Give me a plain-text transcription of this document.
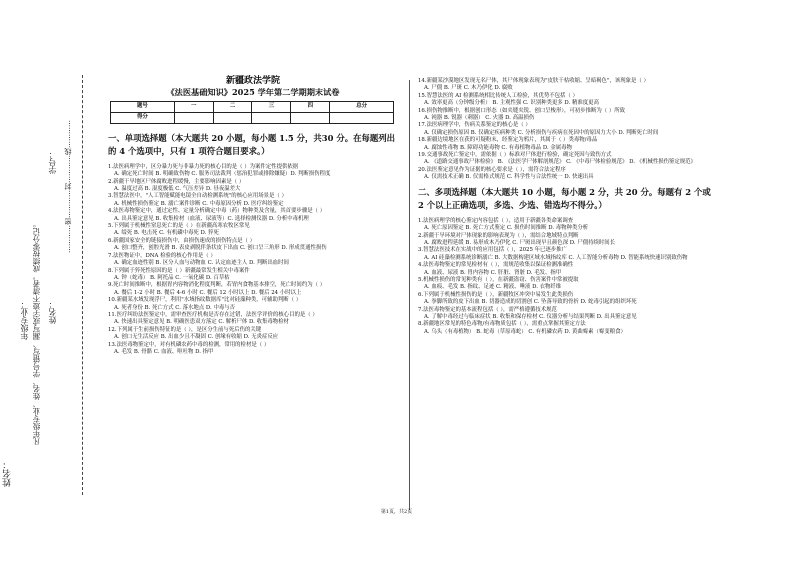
姓名：
年级专业： 凡年级专业、姓名、学号错写、漏写或字迹不清者，成绩按零分记。 姓名：
学号： …………密…………封…………线…………
新疆政法学院
《法医基础知识》2025 学年第二学期期末试卷
题号	一	二	三	四	总分
得分					
一、单项选择题（本大题共 20 小题，每小题 1.5 分，共30 分。在每题列出的 4 个选项中，只有 1 项符合题目要求。）
1.法医病理学中，区分暴力死与非暴力死的核心目的是（ ）为案件定性提供依据
A. 确定死亡时间 B. 明确致伤物 C. 服务司法裁判（惩治犯罪或排除嫌疑）D. 判断损伤程度
2.新疆干旱地区尸体腐败进程缓慢，主要影响因素是（ ）
A. 温度过高 B. 湿度极低 C. 气压差异 D. 昼夜温差大
3.智慧法医中，"人工智能赋能电镜全自动检测系统"的核心应用场景是（ ）
A. 机械性损伤鉴定 B. 溺亡案件诊断 C. 中毒原因分析 D. 医疗纠纷鉴定
4.法医毒物鉴定中，通过定性、定量分析确定中毒（药）物种类及含量，其首要步骤是（ ）
A. 出具鉴定意见 B. 收集检材（血液、尿液等）C. 选择检测仪器 D. 分析中毒机理
5.下列属于机械性窒息死亡的是（ ）在新疆高寒农牧区常见
A. 缢死 B. 电击死 C. 有机磷中毒死 D. 猝死
6.新疆国家安全的链接损伤中，由损伤速成的损伤特点是（ ）
A. 创口整齐，创腔光滑 B. 表皮剥脱伴条状皮下出血 C. 创口呈三角形 D. 形成贯通性损伤
7.法医物证中，DNA 检验的核心作用是（ ）
A. 确定血迹性别 B. 区分人血与动物血 C. 认定血迹主人 D. 判断出血时间
8.下列属于猝死性原因的是（ ）新疆最常发生相关中毒案件
A. 钟（蛇毒） B. 阿托品 C. 一氧化碳 D. 百草枯
9.死亡时间推断中，根据胃内容物消化程度判断，若胃内食物基本排空，死亡时间约为（ ）
A. 餐后 1-2 小时 B. 餐后 4-6 小时 C. 餐后 12 小时以上 D. 餐后 24 小时以上
10.新疆某水域发现浮尸，利用"水域指纹数据库"比对硅藻种类，可辅助判断（ ）
A. 死者身份 B. 死亡方式 C. 落水地点 D. 中毒与否
11.医疗纠纷法医鉴定中，需审查医疗机构是否存在过错，法医学评价的核心目的是（ ）
A. 快速出具鉴定意见 B. 明确医患双方落定 C. 解析尸体 D. 收集毒物检材
12.下列属于生前损伤特征的是（ ），是区分生前与死后伤的关键
A. 创口无生活反应 B. 出血少且不凝固 C. 创缘有收缩 D. 无炎症反应
13.法医毒物鉴定中，对有机磷农药中毒的检测，常用的检材是（ ）
A. 毛发 B. 骨骼 C. 血液、呕吐物 D. 指甲
14.新疆某沙漠地区发现无名尸体，其尸体现象表现为"皮肤干枯收缩、呈暗褐色"，该现象是（ ）
A. 尸僵 B. 尸斑 C. 木乃伊化 D. 腐败
15.智慧法医的 AI 检测系统相比传统人工检验，其优势不包括（ ）
A. 效率更高（分钟级分析） B. 主观性强 C. 识别种类更多 D. 精准度更高
16.损伤物推断中，根据创口形态（如夹缝夹锐、创口呈梭形），可初步推断为（ ）所致
A. 钝器 B. 锐器（刺器） C. 火器 D. 高温损伤
17.法医病理学中，伤病关系鉴定的核心是（ ）
A. 仅确定损伤原因 B. 仅确定疾病种类 C. 分析损伤与疾病在死因中的原因力大小 D. 判断死亡时间
18.新疆边境地区在获的可疑粉末，经鉴定为鸦片，其属于（ ）类毒物/毒品
A. 腐蚀性毒物 B. 障碍功能毒物 C. 有毒植物毒品 D. 金属毒物
19.交通事故死亡鉴定中，需依据（ ）标准对尸体进行检验，确定死因与致伤方式
A. 《道路交通事故尸体检验》 B. 《法医学尸体解剖规范》 C. 《中毒尸体检验规范》 D. 《机械性损伤鉴定规范》
20.法医鉴定意见作为证据的核心要求是（ ），需符合法定程序
A. 仅需技术正确 B. 仅需格式规范 C. 科学性与合法性统一 D. 快速出具
二、多项选择题（本大题共 10 小题，每小题 2 分，共 20 分。每题有 2 个或 2 个以上正确选项，多选、少选、错选均不得分。）
1.法医病理学的核心鉴定内容包括（ ），适用于新疆各类命案调查
A. 死亡原因鉴定 B. 死亡方式鉴定 C. 损伤时间推断 D. 毒物种类分析
2.新疆干旱环境对尸体现象的影响表现为（ ），需结合地域特点判断
A. 腐败进程延缓 B. 易形成木乃伊化 C. 尸斑出现早且颜色深 D. 尸僵持续时间长
3.智慧法医技术在实战中的应用包括（ ），2025 年已逐步推广
A. AI 硅藻检测系统诊断溺亡 B. 大数据构建区域水域指纹库 C. 人工智能分析毒物 D. 智能系统快速识别致伤物
4.法医毒物鉴定的常见检材有（ ），需规范收集以保证检测准确性
A. 血液、尿液 B. 胃内容物 C. 肝脏、肾脏 D. 毛发、指甲
5.机械性损伤的常见种类有（ ），在新疆盗窃、伤害案件中常被提取
A. 血痕、毛发 B. 指纹、足迹 C. 精液、唾液 D. 衣物纤维
6.下列属于机械性损伤的是（ ），新疆牧区冲突中易发生此类损伤
A. 拳脚所致的皮下出血 B. 切器造成的切割创 C. 坠落导致的骨折 D. 蛇毒引起的组织坏死
7.法医毒物鉴定的基本流程包括（ ），需严格遵循技术规范
A. 了解中毒经过与临床症状 B. 收集和保存检材 C. 仪器分析与结果判断 D. 出具鉴定意见
8.新疆地区常见的特色毒物/有毒物质包括（ ），需重点掌握其鉴定方法
A. 乌头（有毒植物） B. 蛇毒（草原毒蛇） C. 有机磷农药 D. 黄曲霉素（霉变粮食）
第1页，共2页
